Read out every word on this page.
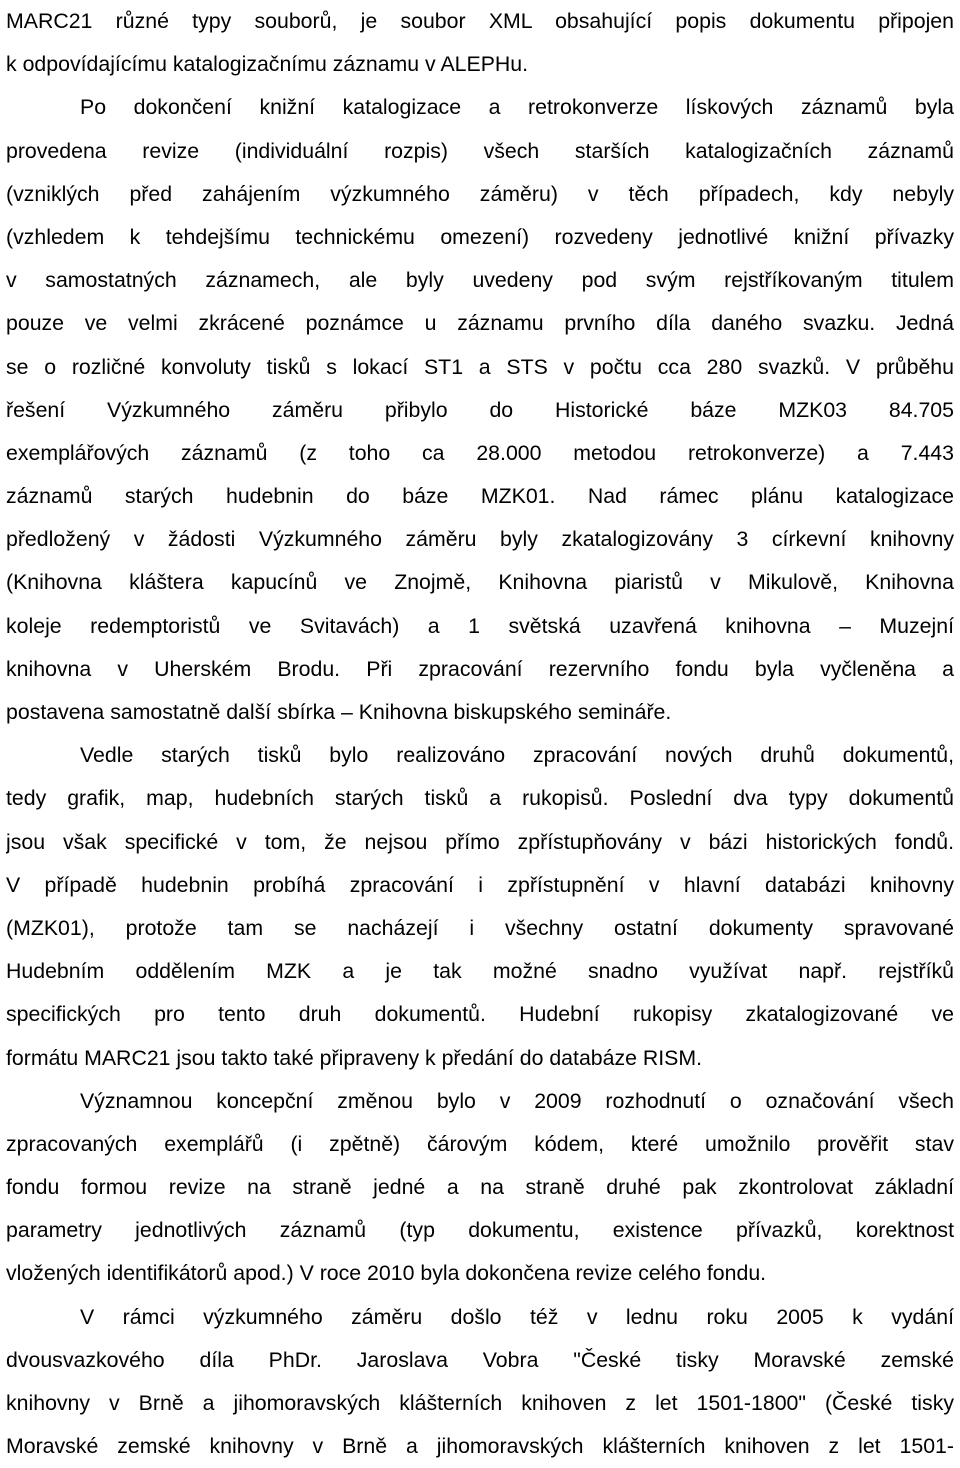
MARC21 různé typy souborů, je soubor XML obsahující popis dokumentu připojen
k odpovídajícímu katalogizačnímu záznamu v ALEPHu.
Po dokončení knižní katalogizace a retrokonverze lískových záznamů byla
provedena revize (individuální rozpis) všech starších katalogizačních záznamů
(vzniklých před zahájením výzkumného záměru) v těch případech, kdy nebyly
(vzhledem k tehdejšímu technickému omezení) rozvedeny jednotlivé knižní přívazky
v samostatných záznamech, ale byly uvedeny pod svým rejstříkovaným titulem
pouze ve velmi zkrácené poznámce u záznamu prvního díla daného svazku. Jedná
se o rozličné konvoluty tisků s lokací ST1 a STS v počtu cca 280 svazků. V průběhu
řešení Výzkumného záměru přibylo do Historické báze MZK03 84.705
exemplářových záznamů (z toho ca 28.000 metodou retrokonverze) a 7.443
záznamů starých hudebnin do báze MZK01. Nad rámec plánu katalogizace
předložený v žádosti Výzkumného záměru byly zkatalogizovány 3 církevní knihovny
(Knihovna kláštera kapucínů ve Znojmě, Knihovna piaristů v Mikulově, Knihovna
koleje redemptoristů ve Svitavách) a 1 světská uzavřená knihovna – Muzejní
knihovna v Uherském Brodu. Při zpracování rezervního fondu byla vyčleněna a
postavena samostatně další sbírka – Knihovna biskupského semináře.
Vedle starých tisků bylo realizováno zpracování nových druhů dokumentů,
tedy grafik, map, hudebních starých tisků a rukopisů. Poslední dva typy dokumentů
jsou však specifické v tom, že nejsou přímo zpřístupňovány v bázi historických fondů.
V případě hudebnin probíhá zpracování i zpřístupnění v hlavní databázi knihovny
(MZK01), protože tam se nacházejí i všechny ostatní dokumenty spravované
Hudebním oddělením MZK a je tak možné snadno využívat např. rejstříků
specifických pro tento druh dokumentů. Hudební rukopisy zkatalogizované ve
formátu MARC21 jsou takto také připraveny k předání do databáze RISM.
Významnou koncepční změnou bylo v 2009 rozhodnutí o označování všech
zpracovaných exemplářů (i zpětně) čárovým kódem, které umožnilo prověřit stav
fondu formou revize na straně jedné a na straně druhé pak zkontrolovat základní
parametry jednotlivých záznamů (typ dokumentu, existence přívazků, korektnost
vložených identifikátorů apod.) V roce 2010 byla dokončena revize celého fondu.
V rámci výzkumného záměru došlo též v lednu roku 2005 k vydání
dvousvazkového díla PhDr. Jaroslava Vobra "České tisky Moravské zemské
knihovny v Brně a jihomoravských klášterních knihoven z let 1501-1800" (České tisky
Moravské zemské knihovny v Brně a jihomoravských klášterních knihoven z let 1501-
